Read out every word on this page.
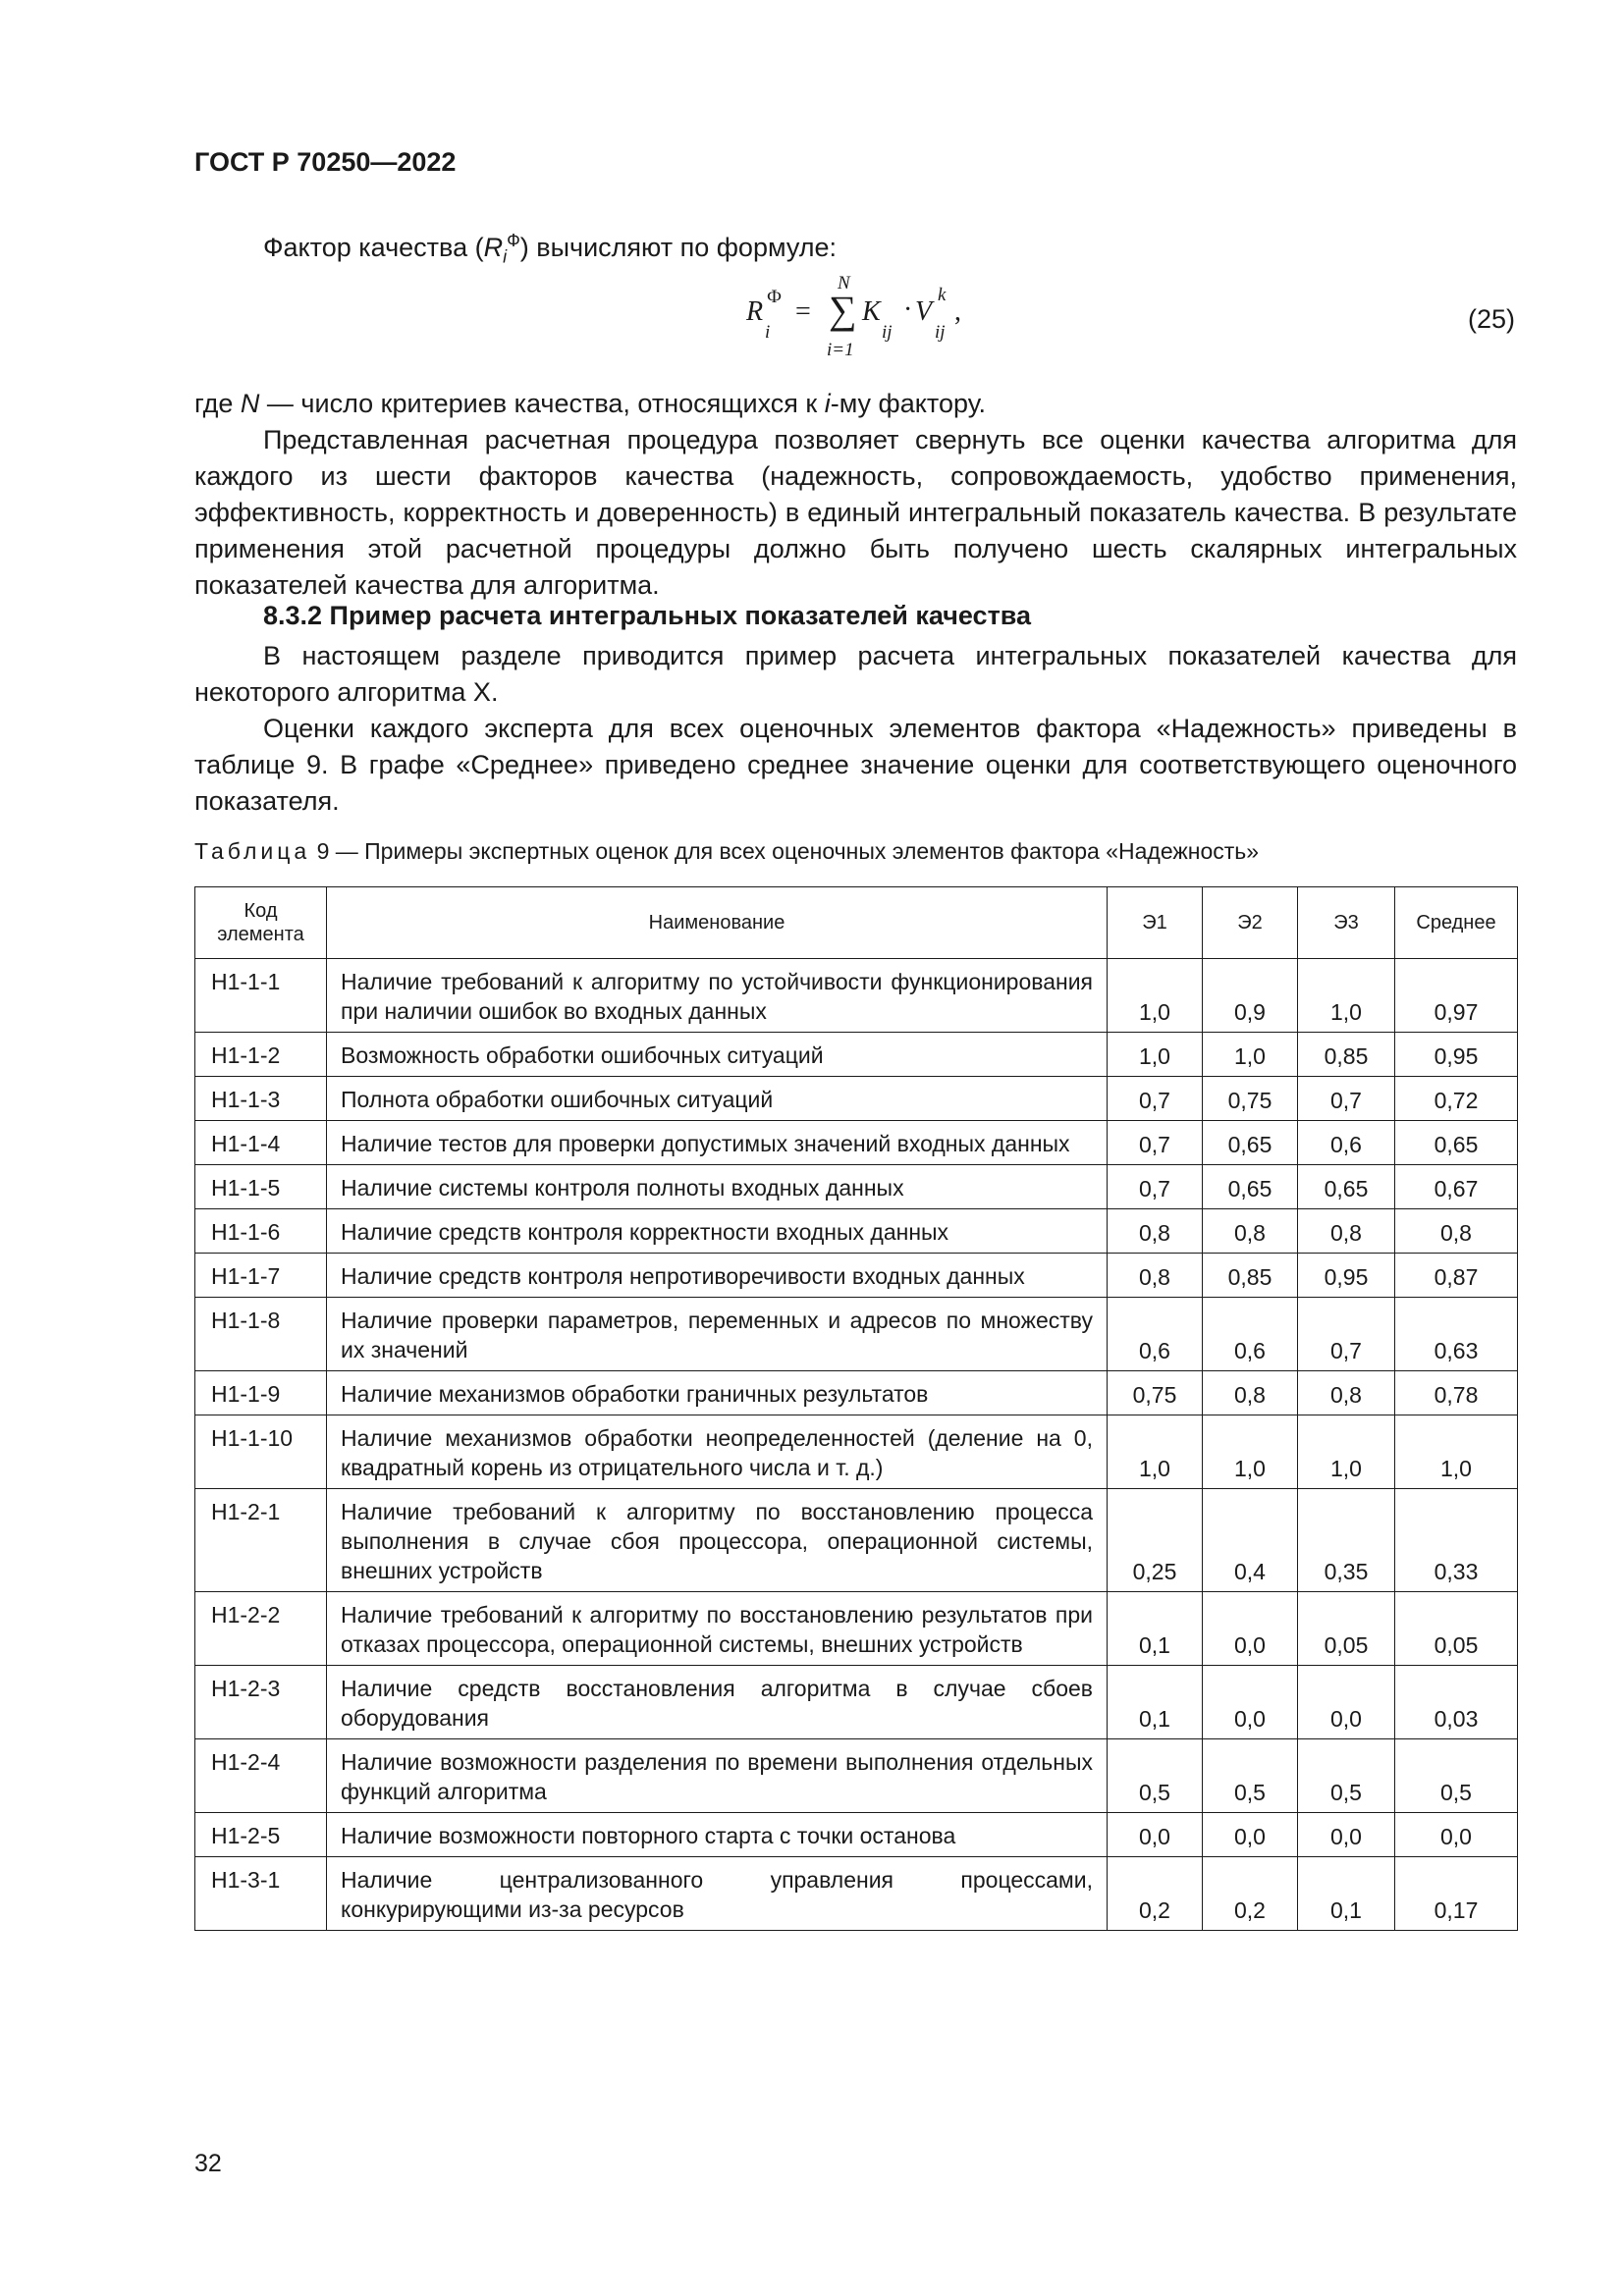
ГОСТ Р 70250—2022
Фактор качества $(R_i^Ф)$ вычисляют по формуле:
R
i
Ф =
N
∑
i=1
K
ij
· V
ij
k
,	(25)
где N — число критериев качества, относящихся к i-му фактору.
Представленная расчетная процедура позволяет свернуть все оценки качества алгоритма для каждого из шести факторов качества (надежность, сопровождаемость, удобство применения, эффективность, корректность и доверенность) в единый интегральный показатель качества. В результате применения этой расчетной процедуры должно быть получено шесть скалярных интегральных показателей качества для алгоритма.
8.3.2 Пример расчета интегральных показателей качества
В настоящем разделе приводится пример расчета интегральных показателей качества для некоторого алгоритма X.
Оценки каждого эксперта для всех оценочных элементов фактора «Надежность» приведены в таблице 9. В графе «Среднее» приведено среднее значение оценки для соответствующего оценочного показателя.
Таблица 9 — Примеры экспертных оценок для всех оценочных элементов фактора «Надежность»
Код
элемента	Наименование	Э1	Э2	Э3	Среднее
Н1-1-1	Наличие требований к алгоритму по устойчивости функционирования при наличии ошибок во входных данных	1,0	0,9	1,0	0,97
Н1-1-2	Возможность обработки ошибочных ситуаций	1,0	1,0	0,85	0,95
Н1-1-3	Полнота обработки ошибочных ситуаций	0,7	0,75	0,7	0,72
Н1-1-4	Наличие тестов для проверки допустимых значений входных данных	0,7	0,65	0,6	0,65
Н1-1-5	Наличие системы контроля полноты входных данных	0,7	0,65	0,65	0,67
Н1-1-6	Наличие средств контроля корректности входных данных	0,8	0,8	0,8	0,8
Н1-1-7	Наличие средств контроля непротиворечивости входных данных	0,8	0,85	0,95	0,87
Н1-1-8	Наличие проверки параметров, переменных и адресов по множеству их значений	0,6	0,6	0,7	0,63
Н1-1-9	Наличие механизмов обработки граничных результатов	0,75	0,8	0,8	0,78
Н1-1-10	Наличие механизмов обработки неопределенностей (деление на 0, квадратный корень из отрицательного числа и т. д.)	1,0	1,0	1,0	1,0
Н1-2-1	Наличие требований к алгоритму по восстановлению процесса выполнения в случае сбоя процессора, операционной системы, внешних устройств	0,25	0,4	0,35	0,33
Н1-2-2	Наличие требований к алгоритму по восстановлению результатов при отказах процессора, операционной системы, внешних устройств	0,1	0,0	0,05	0,05
Н1-2-3	Наличие средств восстановления алгоритма в случае сбоев оборудования	0,1	0,0	0,0	0,03
Н1-2-4	Наличие возможности разделения по времени выполнения отдельных функций алгоритма	0,5	0,5	0,5	0,5
Н1-2-5	Наличие возможности повторного старта с точки останова	0,0	0,0	0,0	0,0
Н1-3-1	Наличие централизованного управления процессами, конкурирующими из-за ресурсов	0,2	0,2	0,1	0,17
32
